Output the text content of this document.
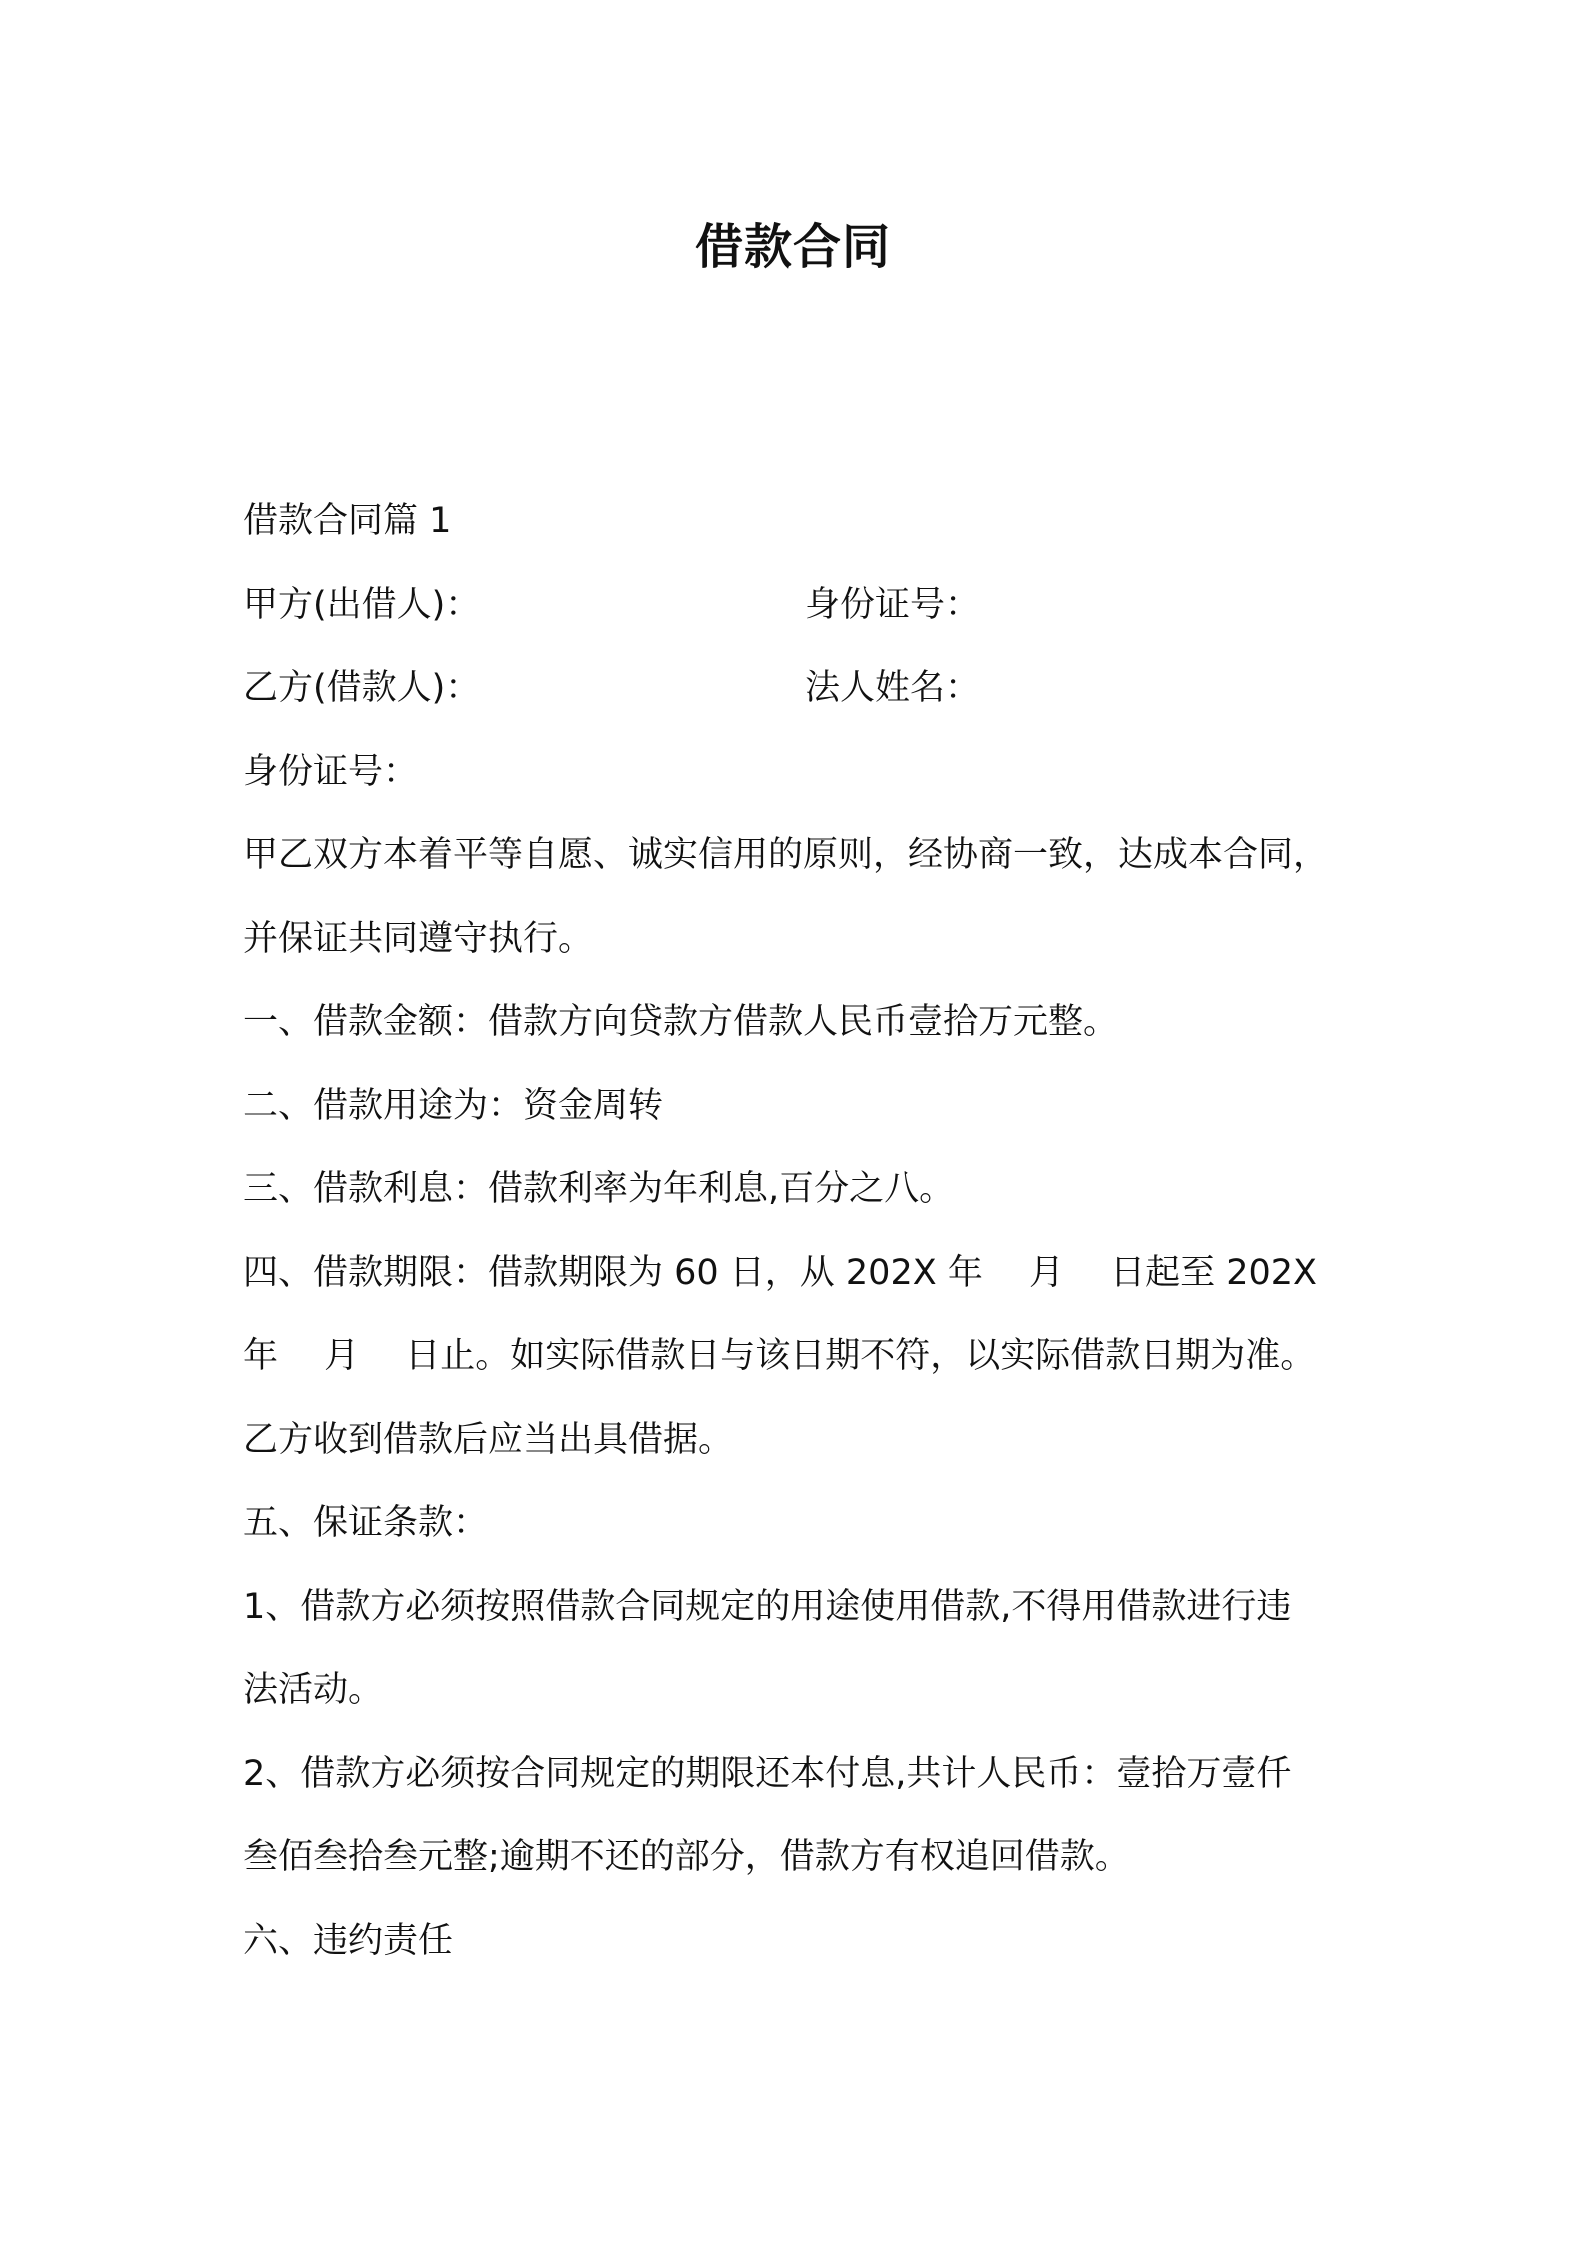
借款合同
借款合同篇 1
甲方(出借人)：	身份证号：
乙方(借款人)：	法人姓名：
身份证号：
甲乙双方本着平等自愿、诚实信用的原则，经协商一致，达成本合同，
并保证共同遵守执行。
一、借款金额：借款方向贷款方借款人民币壹拾万元整。
二、借款用途为：资金周转
三、借款利息：借款利率为年利息,百分之八。
四、借款期限：借款期限为 60 日，从 202X 年　 月　 日起至 202X
年　 月　 日止。如实际借款日与该日期不符，以实际借款日期为准。
乙方收到借款后应当出具借据。
五、保证条款：
1、借款方必须按照借款合同规定的用途使用借款,不得用借款进行违
法活动。
2、借款方必须按合同规定的期限还本付息,共计人民币：壹拾万壹仟
叁佰叁拾叁元整;逾期不还的部分，借款方有权追回借款。
六、违约责任
